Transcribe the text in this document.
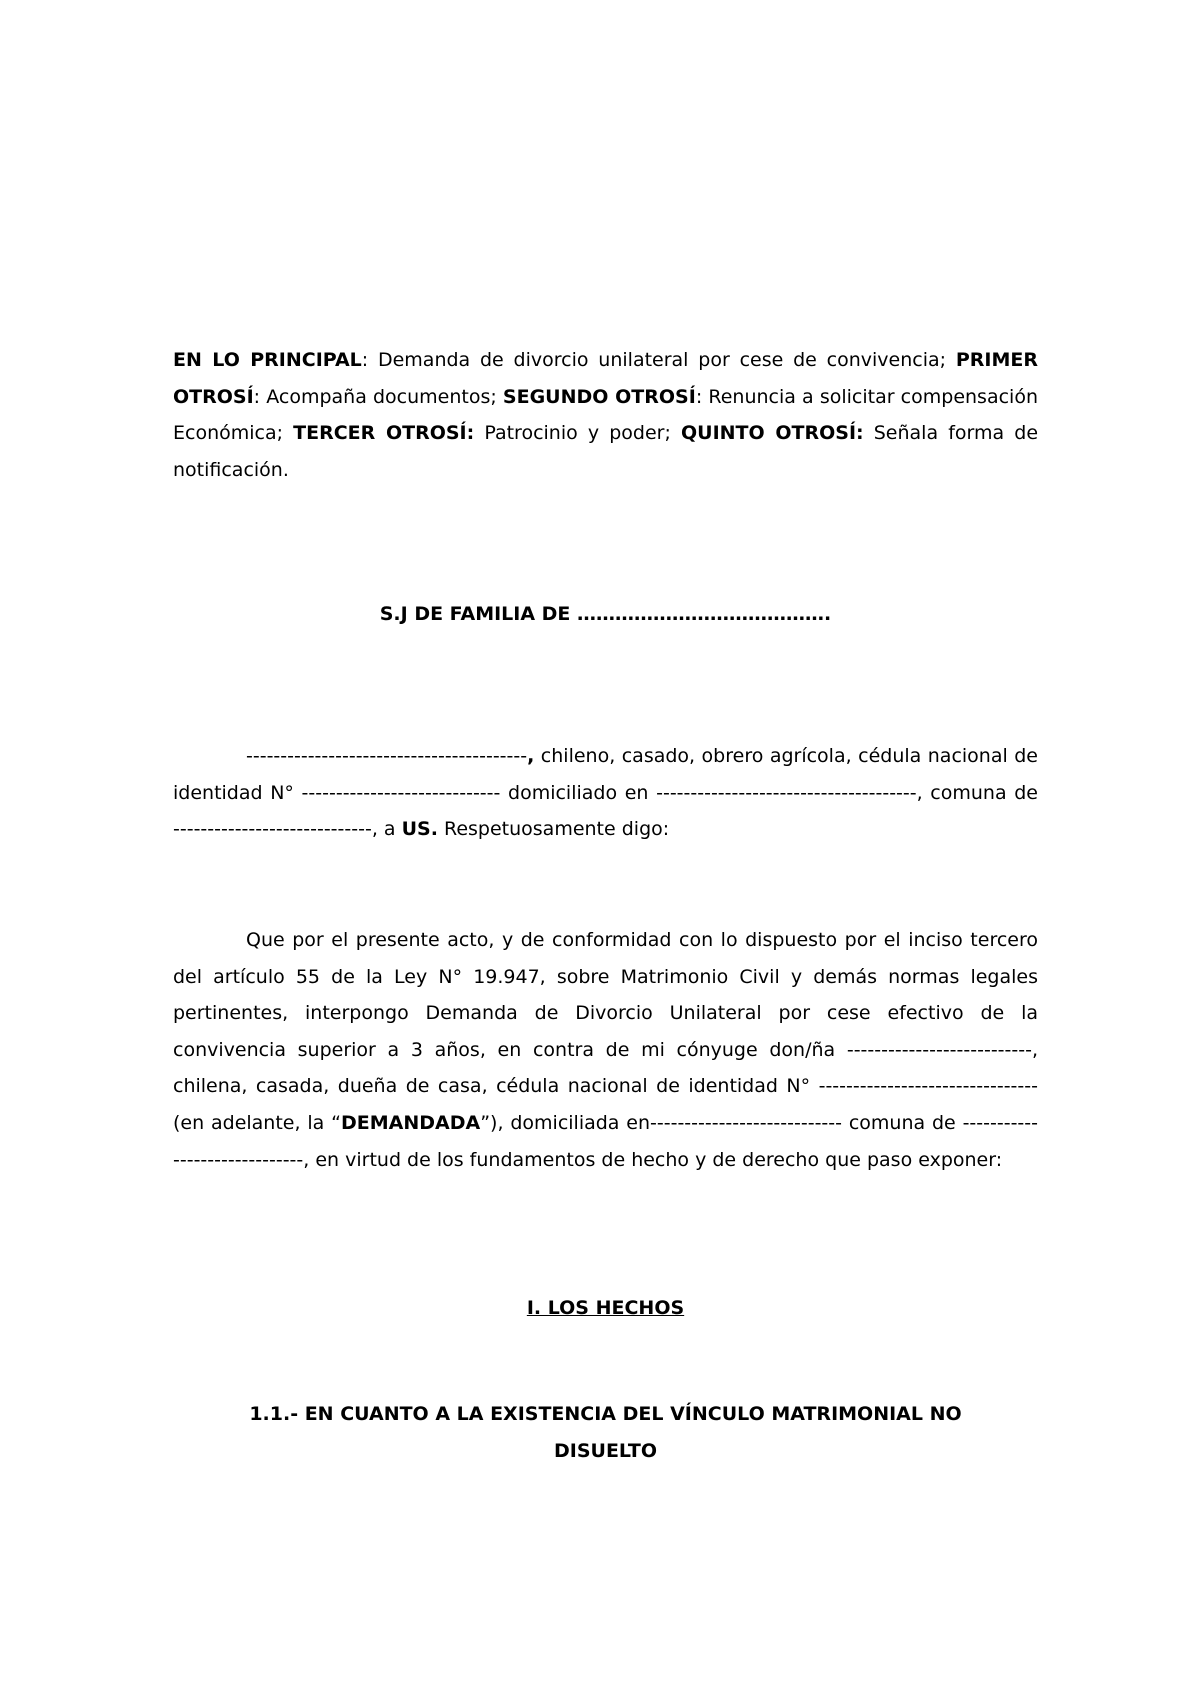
EN LO PRINCIPAL: Demanda de divorcio unilateral por cese de convivencia; PRIMER OTROSÍ: Acompaña documentos; SEGUNDO OTROSÍ: Renuncia a solicitar compensación Económica; TERCER OTROSÍ: Patrocinio y poder; QUINTO OTROSÍ: Señala forma de notificación.

S.J DE FAMILIA DE ………………………………….

-----------------------------------------, chileno, casado, obrero agrícola, cédula nacional de identidad N° ----------------------------- domiciliado en --------------------------------------, comuna de -----------------------------, a US. Respetuosamente digo:

Que por el presente acto, y de conformidad con lo dispuesto por el inciso tercero del artículo 55 de la Ley N° 19.947, sobre Matrimonio Civil y demás normas legales pertinentes, interpongo Demanda de Divorcio Unilateral por cese efectivo de la convivencia superior a 3 años, en contra de mi cónyuge don/ña ---------------------------, chilena, casada, dueña de casa, cédula nacional de identidad N° -------------------------------- (en adelante, la “DEMANDADA”), domiciliada en---------------------------- comuna de ------------------------------, en virtud de los fundamentos de hecho y de derecho que paso exponer:

I. LOS HECHOS
1.1.- EN CUANTO A LA EXISTENCIA DEL VÍNCULO MATRIMONIAL NO
DISUELTO
